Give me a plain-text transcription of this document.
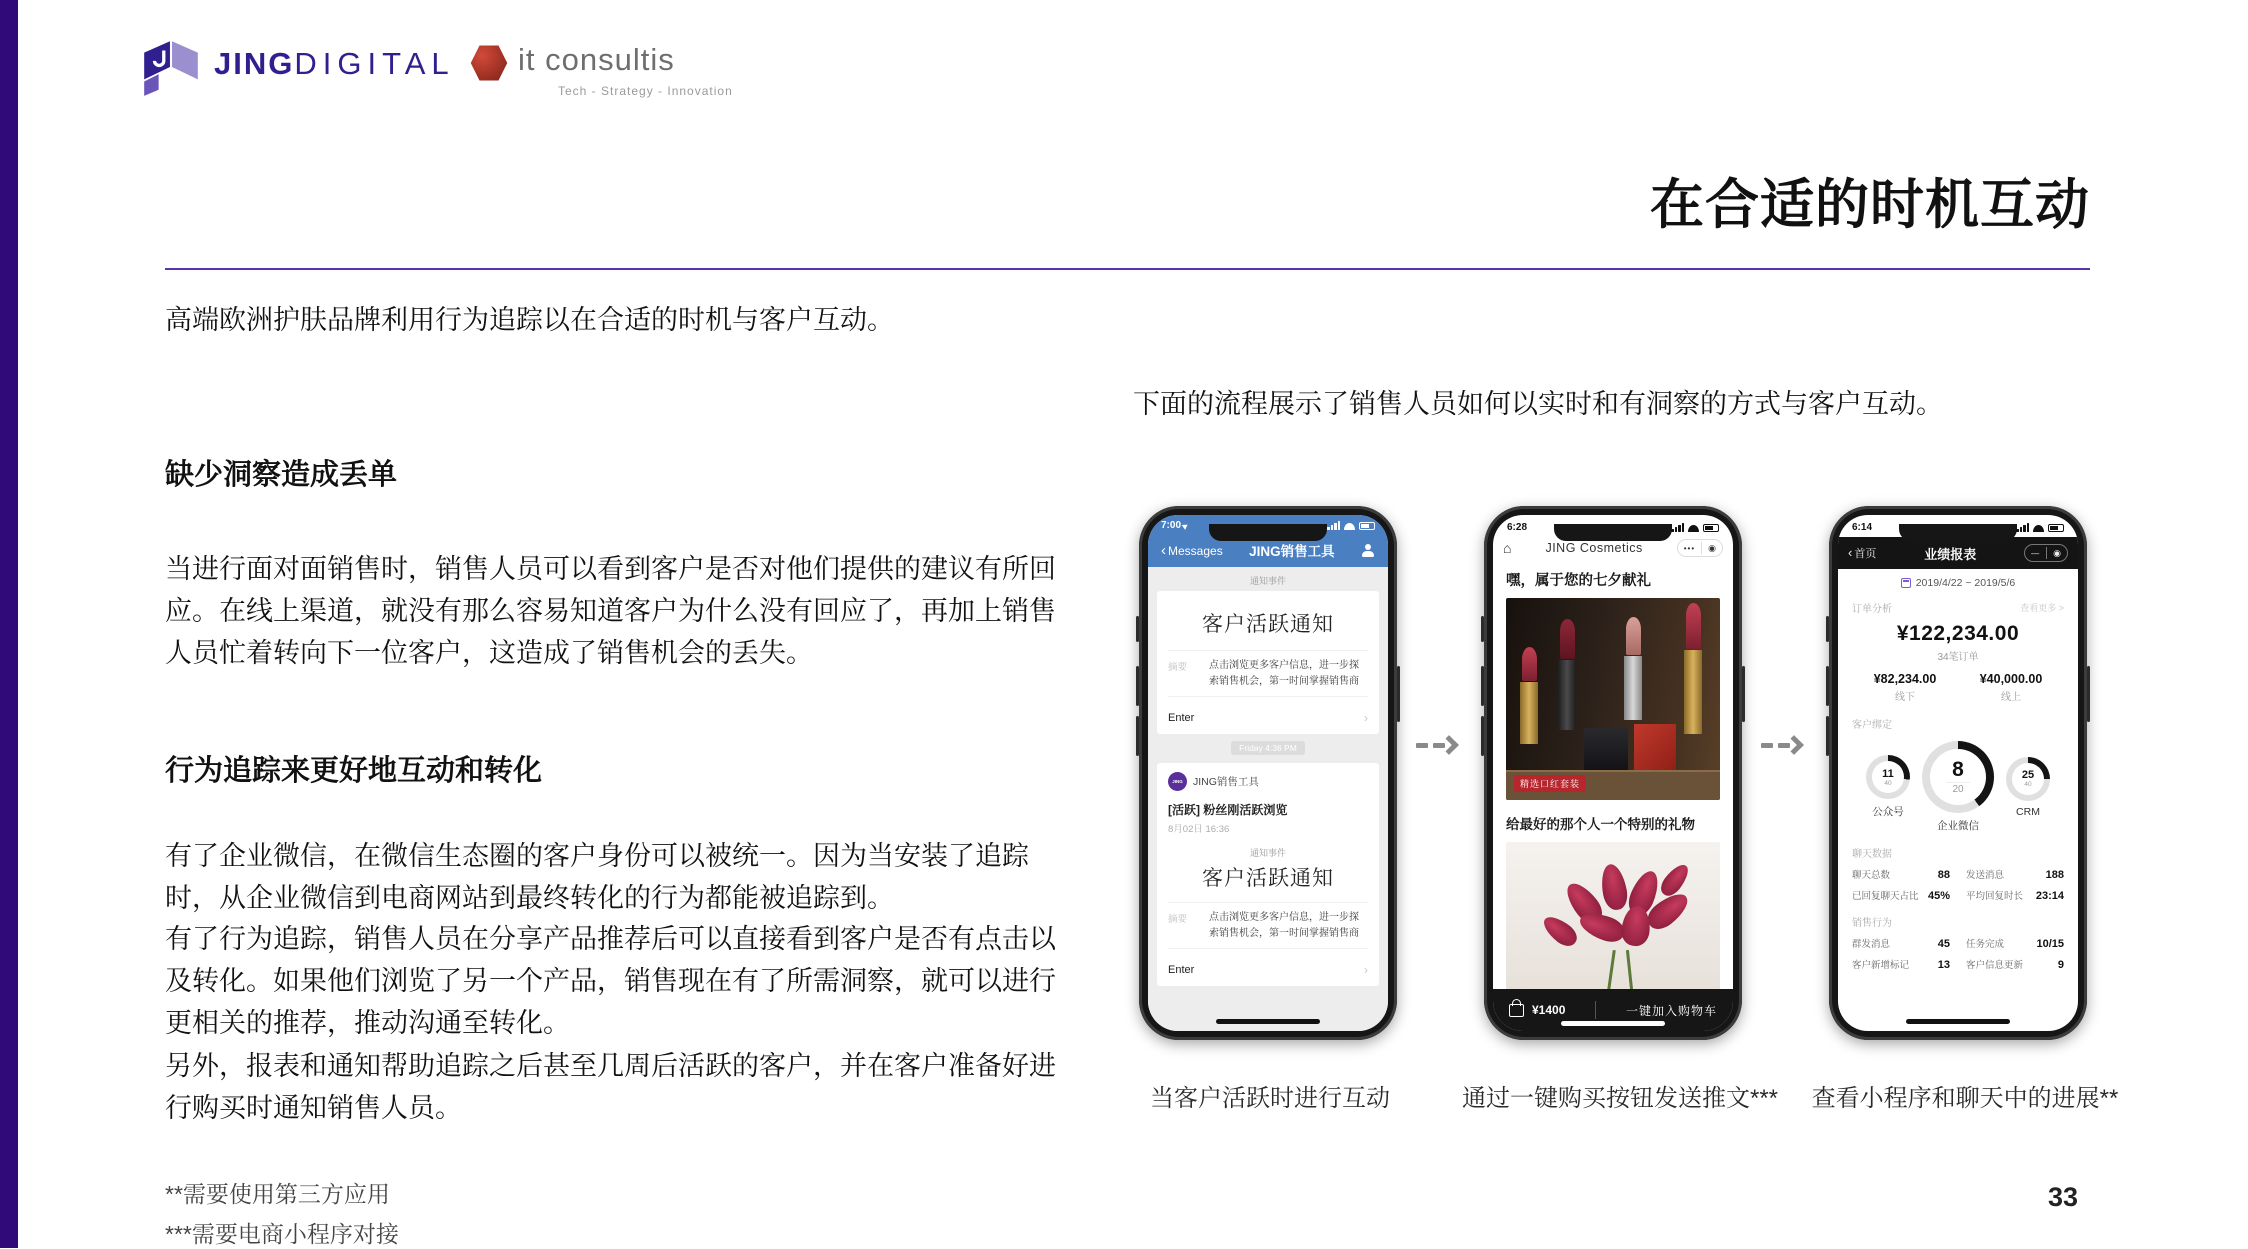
JINGDIGITAL it consultis
Tech - Strategy - Innovation
在合适的时机互动
高端欧洲护肤品牌利用行为追踪以在合适的时机与客户互动。
缺少洞察造成丢单
当进行面对面销售时，销售人员可以看到客户是否对他们提供的建议有所回应。在线上渠道，就没有那么容易知道客户为什么没有回应了，再加上销售人员忙着转向下一位客户，这造成了销售机会的丢失。
行为追踪来更好地互动和转化
有了企业微信，在微信生态圈的客户身份可以被统一。因为当安装了追踪时，从企业微信到电商网站到最终转化的行为都能被追踪到。
有了行为追踪，销售人员在分享产品推荐后可以直接看到客户是否有点击以及转化。如果他们浏览了另一个产品，销售现在有了所需洞察，就可以进行更相关的推荐，推动沟通至转化。
另外，报表和通知帮助追踪之后甚至几周后活跃的客户，并在客户准备好进行购买时通知销售人员。
**需要使用第三方应用
***需要电商小程序对接
下面的流程展示了销售人员如何以实时和有洞察的方式与客户互动。
7:00
‹ Messages	JING销售工具
通知事件
客户活跃通知
摘要	点击浏览更多客户信息，进一步探索销售机会，第一时间掌握销售商
Enter	›
Friday 4:36 PM
JING JING销售工具
[活跃] 粉丝刚活跃浏览
8月02日 16:36
通知事件
客户活跃通知
摘要	点击浏览更多客户信息，进一步探索销售机会，第一时间掌握销售商
Enter	›
6:28
⌂	JING Cosmetics	•••	◉
嘿，属于您的七夕献礼
精选口红套装
给最好的那个人一个特别的礼物
¥1400	一键加入购物车
6:14
‹ 首页	业绩报表	—	◉
2019/4/22 ~ 2019/5/6
订单分析	查看更多 >
¥122,234.00
34笔订单
¥82,234.00
线下
¥40,000.00
线上
客户绑定
11
40
公众号
8
20
企业微信
25
40
CRM
聊天数据
聊天总数	88 发送消息	188
已回复聊天占比 45% 平均回复时长 23:14
销售行为
群发消息	45 任务完成	10/15
客户新增标记	13 客户信息更新	9
当客户活跃时进行互动	通过一键购买按钮发送推文***	查看小程序和聊天中的进展**
33
